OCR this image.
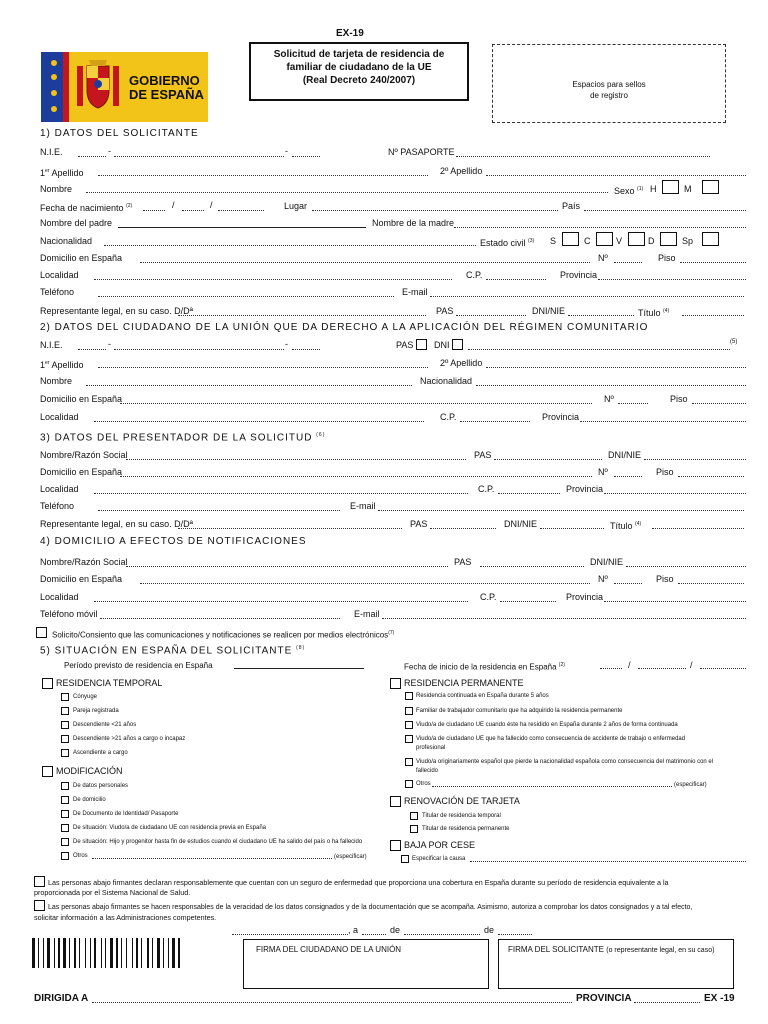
EX-19
GOBIERNO
DE ESPAÑA
Solicitud de tarjeta de residencia de
familiar de ciudadano de la UE
(Real Decreto 240/2007)	Espacios para sellos
de registro
1) DATOS DEL SOLICITANTE
N.I.E.	-	-	Nº PASAPORTE
1er Apellido	2º Apellido
Nombre	Sexo $^{(1)}$ H	M
Fecha de nacimiento $^{(2)}$	/	/	Lugar	País
Nombre del padre	Nombre de la madre
Nacionalidad	Estado civil $^{(3)}$ S	C	V	D	Sp
Domicilio en España	Nº	Piso
Localidad	C.P.	Provincia
Teléfono	E-mail
Representante legal, en su caso. D/Dª	PAS	DNI/NIE	Título $^{(4)}$
2) DATOS DEL CIUDADANO DE LA UNIÓN QUE DA DERECHO A LA APLICACIÓN DEL RÉGIMEN COMUNITARIO
N.I.E.	-	-	PAS DNI	(5)
1er Apellido	2º Apellido
Nombre	Nacionalidad
Domicilio en España	Nº	Piso
Localidad	C.P.	Provincia
3) DATOS DEL PRESENTADOR DE LA SOLICITUD $^{(6)}$
Nombre/Razón Social	PAS	DNI/NIE
Domicilio en España	Nº	Piso
Localidad	C.P.	Provincia
Teléfono	E-mail
Representante legal, en su caso. D/Dª	PAS	DNI/NIE	Título $^{(4)}$
4) DOMICILIO A EFECTOS DE NOTIFICACIONES
Nombre/Razón Social	PAS	DNI/NIE
Domicilio en España	Nº	Piso
Localidad	C.P.	Provincia
Teléfono móvil	E-mail
Solicito/Consiento que las comunicaciones y notificaciones se realicen por medios electrónicos$^{(7)}$
5) SITUACIÓN EN ESPAÑA DEL SOLICITANTE $^{(8)}$
Período previsto de residencia en España	Fecha de inicio de la residencia en España $^{(2)}$	/	/
RESIDENCIA TEMPORAL
Cónyuge
Pareja registrada
Descendiente <21 años
Descendiente >21 años a cargo o incapaz
Ascendiente a cargo
MODIFICACIÓN
De datos personales
De domicilio
De Documento de Identidad/ Pasaporte
De situación: Viudo/a de ciudadano UE con residencia previa en España
De situación: Hijo y progenitor hasta fin de estudios cuando el ciudadano UE ha salido del país o ha fallecido
Otros	(especificar)
RESIDENCIA PERMANENTE
Residencia continuada en España durante 5 años
Familiar de trabajador comunitario que ha adquirido la residencia permanente
Viudo/a de ciudadano UE cuando éste ha residido en España durante 2 años de forma continuada
Viudo/a de ciudadano UE que ha fallecido como consecuencia de accidente de trabajo o enfermedad
profesional
Viudo/a originariamente español que pierde la nacionalidad española como consecuencia del matrimonio con el
fallecido
Otros	(especificar)
RENOVACIÓN DE TARJETA
Titular de residencia temporal
Titular de residencia permanente
BAJA POR CESE
Especificar la causa
Las personas abajo firmantes declaran responsablemente que cuentan con un seguro de enfermedad que proporciona una cobertura en España durante su período de residencia equivalente a la
proporcionada por el Sistema Nacional de Salud.
Las personas abajo firmantes se hacen responsables de la veracidad de los datos consignados y de la documentación que se acompaña. Asimismo, autoriza a comprobar los datos consignados y a tal efecto,
solicitar información a las Administraciones competentes.
, a	de	de
FIRMA DEL CIUDADANO DE LA UNIÓN	FIRMA DEL SOLICITANTE (o representante legal, en su caso)
DIRIGIDA A	PROVINCIA	EX -19
